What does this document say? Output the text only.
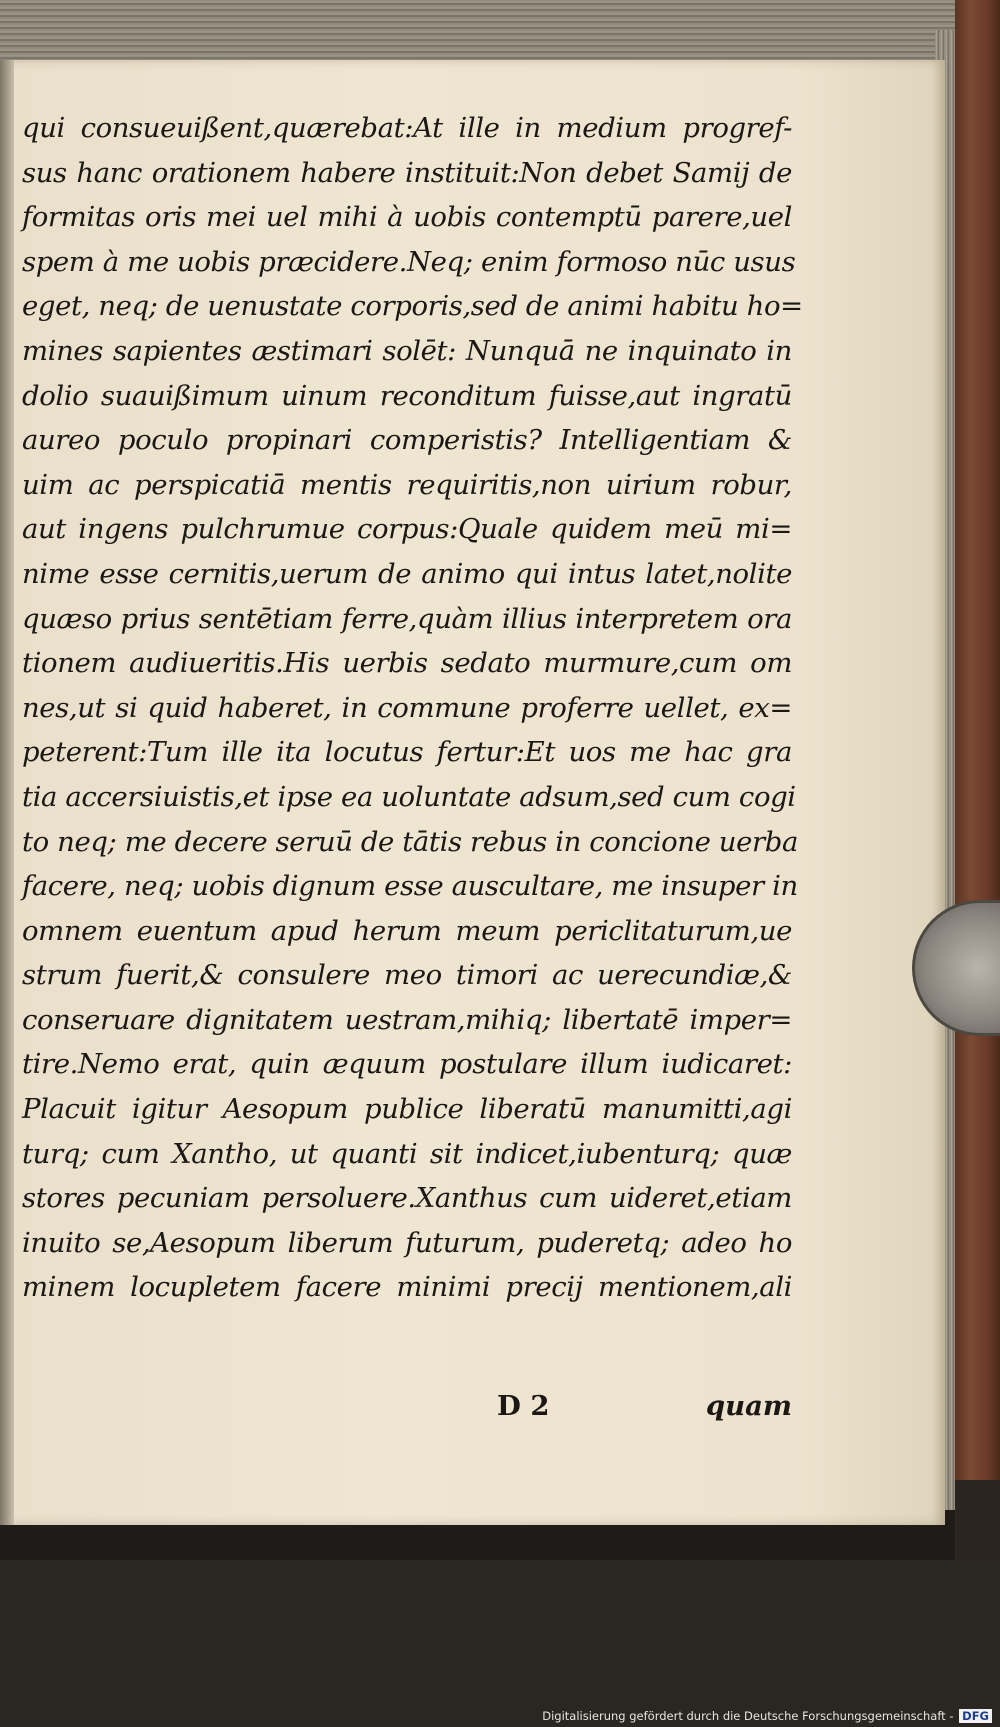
qui consueuißent,quærebat:At ille in medium progref-
sus hanc orationem habere instituit:Non debet Samij de
formitas oris mei uel mihi à uobis contemptū parere,uel
spem à me uobis præcidere.Neq; enim formoso nūc usus
eget, neq; de uenustate corporis,sed de animi habitu ho=
mines sapientes æstimari solēt: Nunquā ne inquinato in
dolio suauißimum uinum reconditum fuisse,aut ingratū
aureo poculo propinari comperistis? Intelligentiam &
uim ac perspicatiā mentis requiritis,non uirium robur,
aut ingens pulchrumue corpus:Quale quidem meū mi=
nime esse cernitis,uerum de animo qui intus latet,nolite
quæso prius sentētiam ferre,quàm illius interpretem ora
tionem audiueritis.His uerbis sedato murmure,cum om
nes,ut si quid haberet, in commune proferre uellet, ex=
peterent:Tum ille ita locutus fertur:Et uos me hac gra
tia accersiuistis,et ipse ea uoluntate adsum,sed cum cogi
to neq; me decere seruū de tātis rebus in concione uerba
facere, neq; uobis dignum esse auscultare, me insuper in
omnem euentum apud herum meum periclitaturum,ue
strum fuerit,& consulere meo timori ac uerecundiæ,&
conseruare dignitatem uestram,mihiq; libertatē imper=
tire.Nemo erat, quin æquum postulare illum iudicaret:
Placuit igitur Aesopum publice liberatū manumitti,agi
turq; cum Xantho, ut quanti sit indicet,iubenturq; quæ
stores pecuniam persoluere.Xanthus cum uideret,etiam
inuito se,Aesopum liberum futurum, puderetq; adeo ho
minem locupletem facere minimi precij mentionem,ali
D 2	quam
Digitalisierung gefördert durch die Deutsche Forschungsgemeinschaft - DFG
